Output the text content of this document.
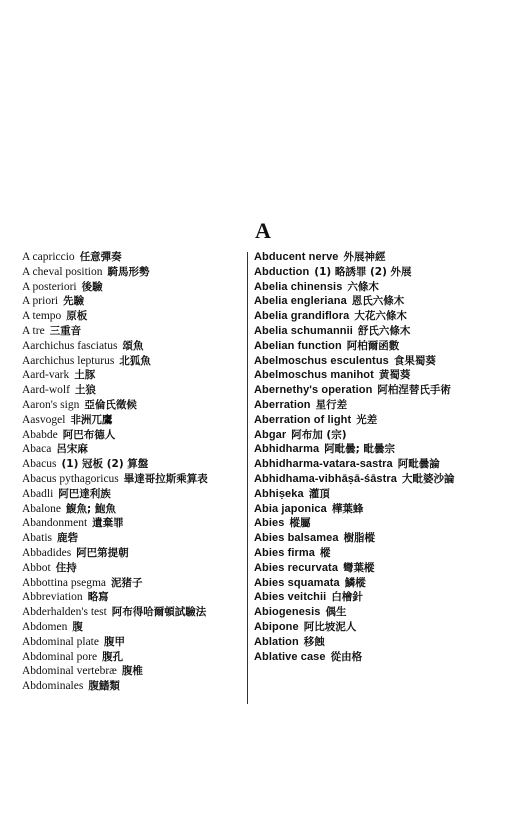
A
A capriccio 任意彈奏
A cheval position 騎馬形勢
A posteriori 後驗
A priori 先驗
A tempo 原板
A tre 三重音
Aarchichus fasciatus 頌魚
Aarchichus lepturus 北狐魚
Aard-vark 土豚
Aard-wolf 土狼
Aaron's sign 亞倫氏徵候
Aasvogel 非洲兀鷹
Ababde 阿巴布德人
Abaca 呂宋麻
Abacus (1) 冠板 (2) 算盤
Abacus pythagoricus 畢達哥拉斯乘算表
Abadli 阿巴達利族
Abalone 鰒魚; 鮑魚
Abandonment 遺棄罪
Abatis 鹿砦
Abbadides 阿巴第提朝
Abbot 住持
Abbottina psegma 泥猪子
Abbreviation 略寫
Abderhalden's test 阿布得哈爾頓試驗法
Abdomen 腹
Abdominal plate 腹甲
Abdominal pore 腹孔
Abdominal vertebræ 腹椎
Abdominales 腹鰭類
Abducent nerve 外展神經
Abduction (1) 略誘罪 (2) 外展
Abelia chinensis 六條木
Abelia engleriana 恩氏六條木
Abelia grandiflora 大花六條木
Abelia schumannii 舒氏六條木
Abelian function 阿柏爾函數
Abelmoschus esculentus 食果蜀葵
Abelmoschus manihot 黄蜀葵
Abernethy's operation 阿柏涅替氏手術
Aberration 星行差
Aberration of light 光差
Abgar 阿布加 (宗)
Abhidharma 阿毗曇; 毗曇宗
Abhidharma-vatara-sastra 阿毗曇論
Abhidhama-vibhāṣā-śāstra 大毗婆沙論
Abhiṣeka 灌頂
Abia japonica 樺葉蜂
Abies 樅屬
Abies balsamea 樹脂樅
Abies firma 樅
Abies recurvata 彎葉樅
Abies squamata 鱗樅
Abies veitchii 白檜針
Abiogenesis 偶生
Abipone 阿比坡泥人
Ablation 移蝕
Ablative case 從由格
